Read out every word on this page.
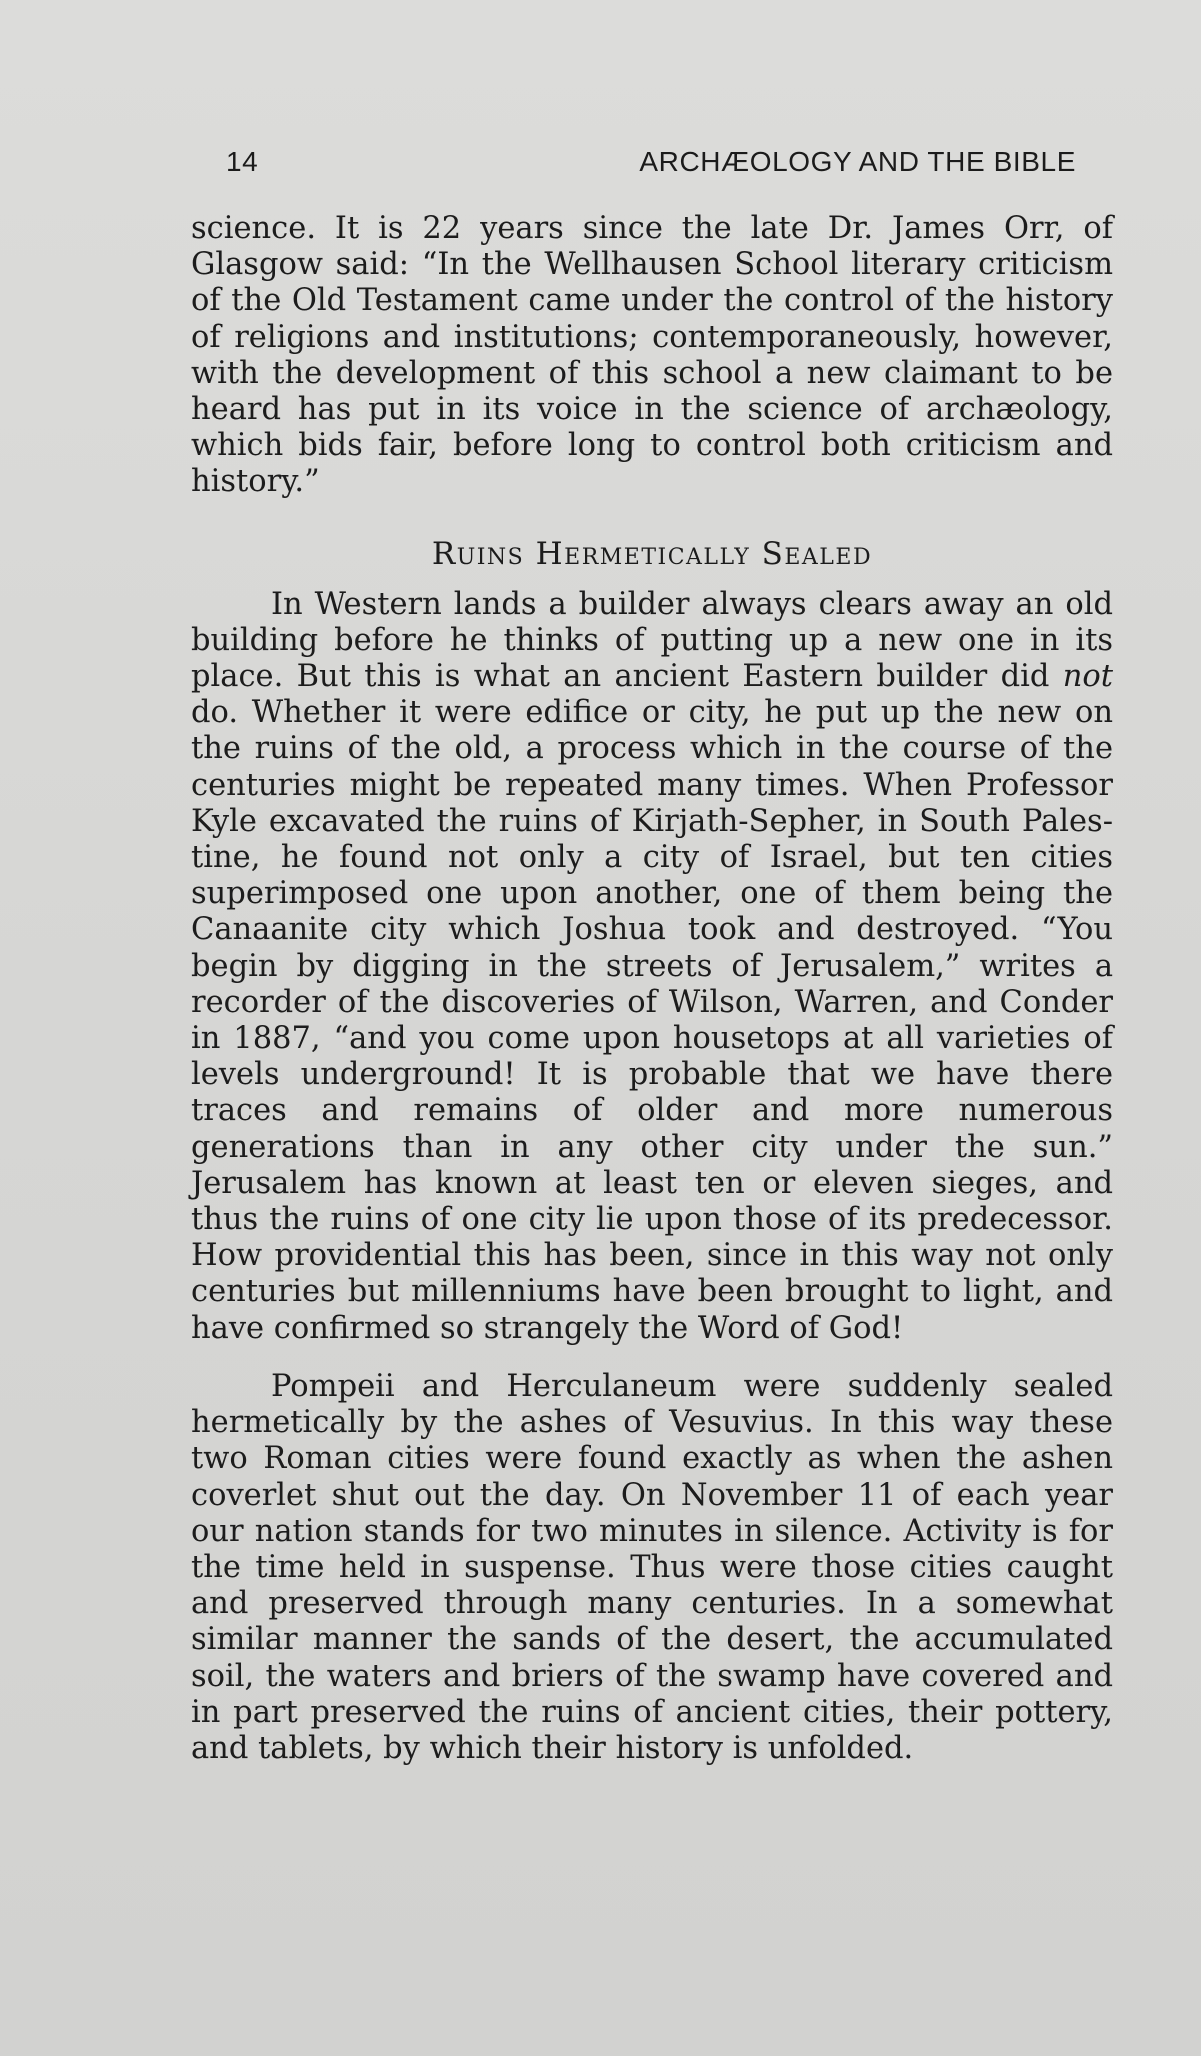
14	ARCHÆOLOGY AND THE BIBLE

science. It is 22 years since the late Dr. James Orr, of Glasgow said: “In the Wellhausen School literary criticism of the Old Testament came under the control of the history of religions and institutions; contemporaneously, however, with the development of this school a new claimant to be heard has put in its voice in the science of archæology, which bids fair, before long to control both criticism and history.”

Ruins Hermetically Sealed

In Western lands a builder always clears away an old building before he thinks of putting up a new one in its place. But this is what an ancient Eastern builder did not do. Whether it were edifice or city, he put up the new on the ruins of the old, a process which in the course of the centuries might be repeated many times. When Professor Kyle excavated the ruins of Kirjath-Sepher, in South Palestine, he found not only a city of Israel, but ten cities superimposed one upon another, one of them being the Canaanite city which Joshua took and destroyed. “You begin by digging in the streets of Jerusalem,” writes a recorder of the discoveries of Wilson, Warren, and Conder in 1887, “and you come upon housetops at all varieties of levels underground! It is probable that we have there traces and remains of older and more numerous generations than in any other city under the sun.” Jerusalem has known at least ten or eleven sieges, and thus the ruins of one city lie upon those of its predecessor. How providential this has been, since in this way not only centuries but millenniums have been brought to light, and have confirmed so strangely the Word of God!

Pompeii and Herculaneum were suddenly sealed hermetically by the ashes of Vesuvius. In this way these two Roman cities were found exactly as when the ashen coverlet shut out the day. On November 11 of each year our nation stands for two minutes in silence. Activity is for the time held in suspense. Thus were those cities caught and preserved through many centuries. In a somewhat similar manner the sands of the desert, the accumulated soil, the waters and briers of the swamp have covered and in part preserved the ruins of ancient cities, their pottery, and tablets, by which their history is unfolded.
